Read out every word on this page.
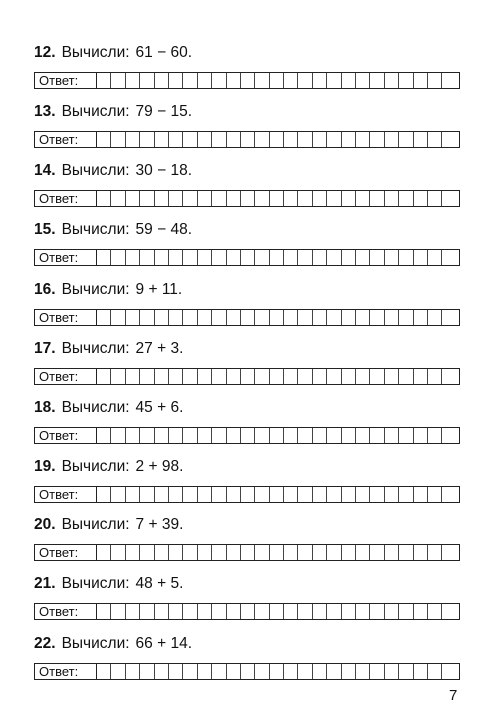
12. Вычисли: 61 − 60.
Ответ:
13. Вычисли: 79 − 15.
Ответ:
14. Вычисли: 30 − 18.
Ответ:
15. Вычисли: 59 − 48.
Ответ:
16. Вычисли: 9 + 11.
Ответ:
17. Вычисли: 27 + 3.
Ответ:
18. Вычисли: 45 + 6.
Ответ:
19. Вычисли: 2 + 98.
Ответ:
20. Вычисли: 7 + 39.
Ответ:
21. Вычисли: 48 + 5.
Ответ:
22. Вычисли: 66 + 14.
Ответ:
7
